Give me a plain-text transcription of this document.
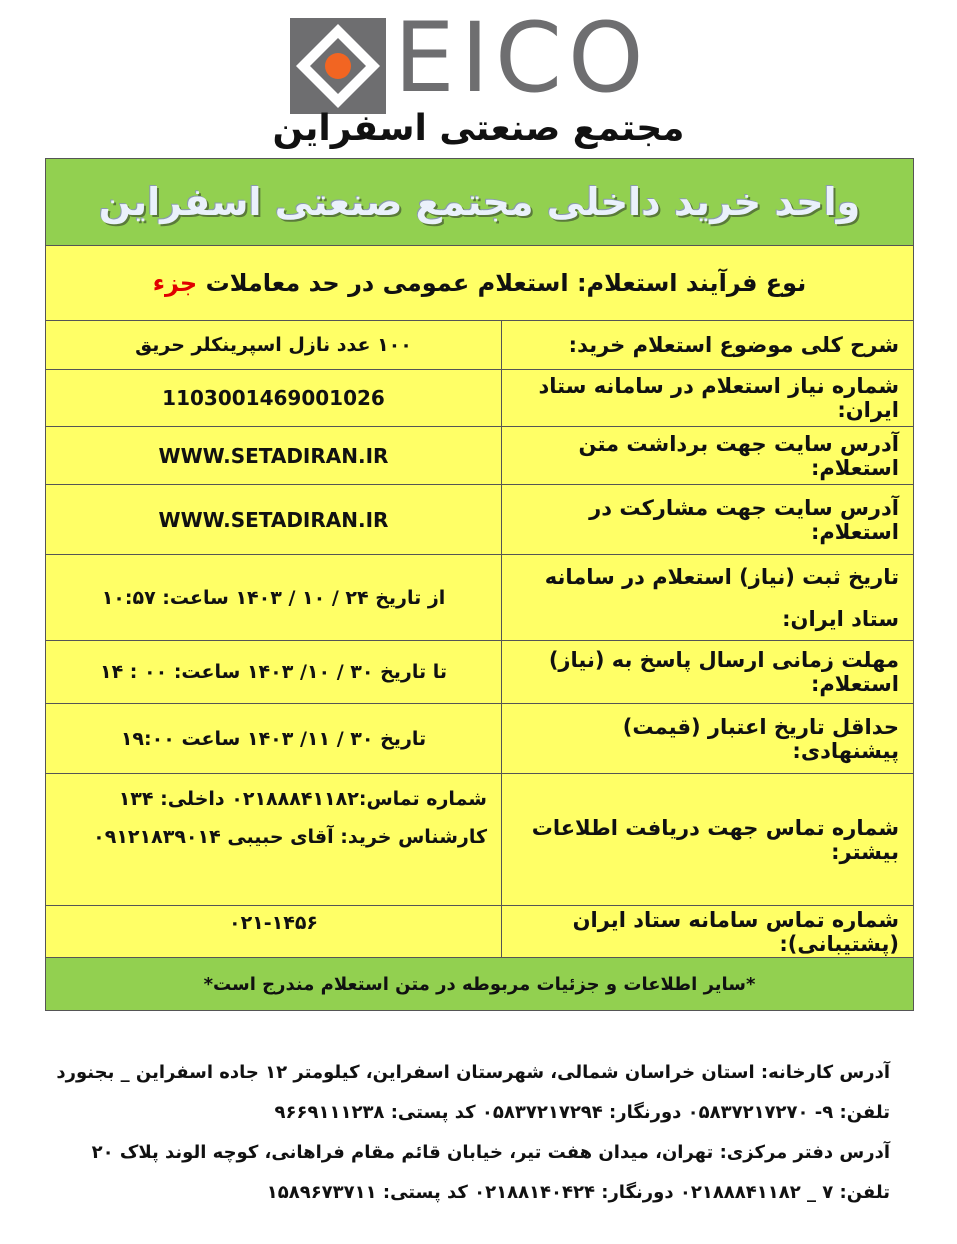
EICO
مجتمع صنعتی اسفراین
واحد خرید داخلی مجتمع صنعتی اسفراین	
نوع فرآیند استعلام: استعلام عمومی در حد معاملات جزء	
شرح کلی موضوع استعلام خرید:	۱۰۰ عدد نازل اسپرینکلر حریق
شماره نیاز استعلام در سامانه ستاد ایران:	1103001469001026
آدرس سایت جهت برداشت متن استعلام:	WWW.SETADIRAN.IR
آدرس سایت جهت مشارکت در استعلام:	WWW.SETADIRAN.IR
تاریخ ثبت (نیاز) استعلام در سامانه ستاد ایران:	از تاریخ ۲۴ / ۱۰ / ۱۴۰۳ ساعت: ۱۰:۵۷
مهلت زمانی ارسال پاسخ به (نیاز) استعلام:	تا تاریخ ۳۰ / ۱۰/ ۱۴۰۳ ساعت: ۰۰ : ۱۴
حداقل تاریخ اعتبار (قیمت) پیشنهادی:	تاریخ ۳۰ / ۱۱/ ۱۴۰۳ ساعت ۱۹:۰۰
شماره تماس جهت دریافت اطلاعات بیشتر:	شماره تماس:۰۲۱۸۸۸۴۱۱۸۲ داخلی: ۱۳۴
کارشناس خرید: آقای حبیبی ۰۹۱۲۱۸۳۹۰۱۴

شماره تماس سامانه ستاد ایران (پشتیبانی):	۰۲۱-۱۴۵۶
*سایر اطلاعات و جزئیات مربوطه در متن استعلام مندرج است*	
آدرس کارخانه: استان خراسان شمالی، شهرستان اسفراین، کیلومتر ۱۲ جاده اسفراین _ بجنورد
تلفن: ۹- ۰۵۸۳۷۲۱۷۲۷۰ دورنگار: ۰۵۸۳۷۲۱۷۲۹۴ کد پستی: ۹۶۶۹۱۱۱۲۳۸
آدرس دفتر مرکزی: تهران، میدان هفت تیر، خیابان قائم مقام فراهانی، کوچه الوند پلاک ۲۰
تلفن: ۷ _ ۰۲۱۸۸۸۴۱۱۸۲ دورنگار: ۰۲۱۸۸۱۴۰۴۲۴ کد پستی: ۱۵۸۹۶۷۳۷۱۱
